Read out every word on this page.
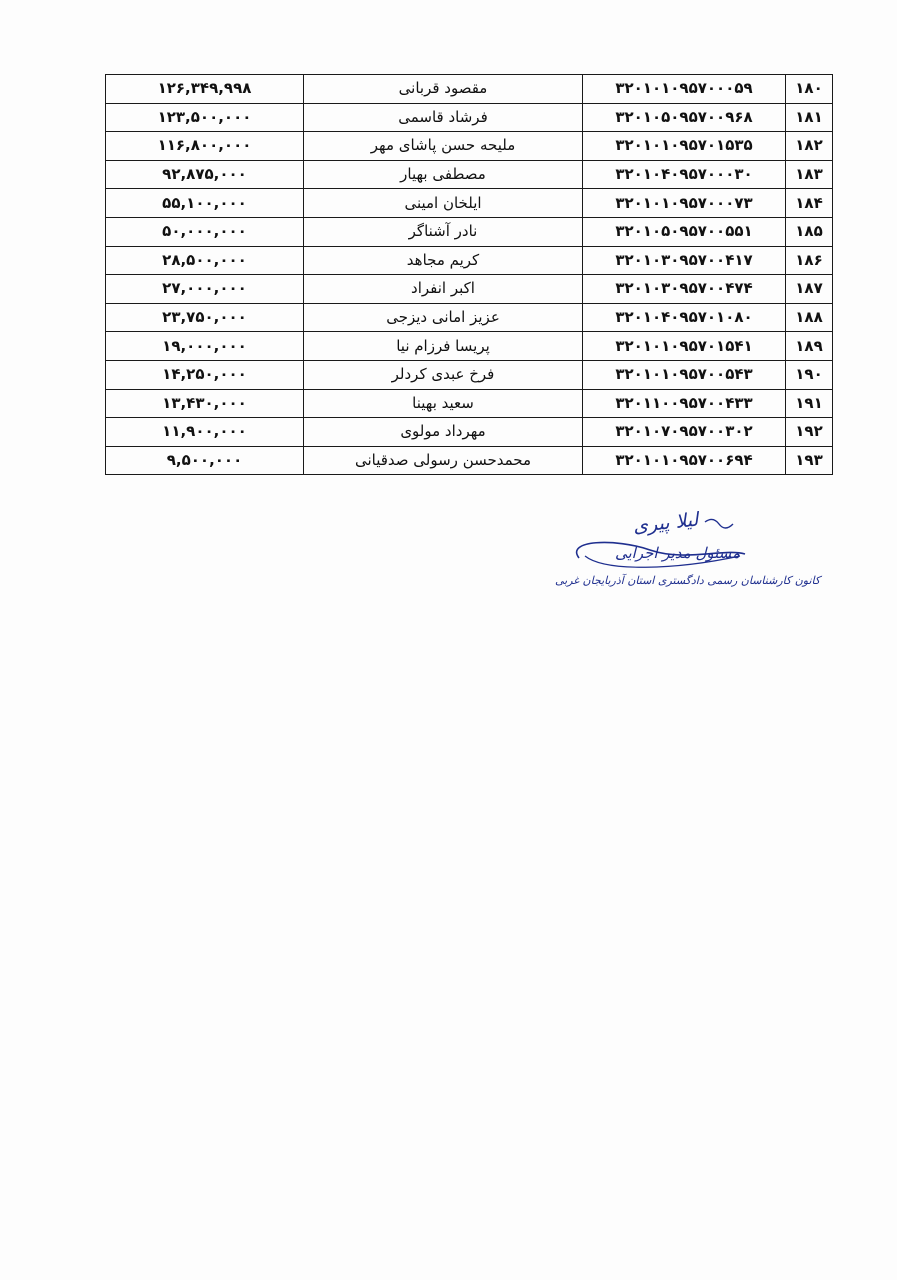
۱۸۰	۳۲۰۱۰۱۰۹۵۷۰۰۰۵۹	مقصود قربانی	۱۲۶,۳۴۹,۹۹۸
۱۸۱	۳۲۰۱۰۵۰۹۵۷۰۰۹۶۸	فرشاد قاسمی	۱۲۳,۵۰۰,۰۰۰
۱۸۲	۳۲۰۱۰۱۰۹۵۷۰۱۵۳۵	ملیحه حسن پاشای مهر	۱۱۶,۸۰۰,۰۰۰
۱۸۳	۳۲۰۱۰۴۰۹۵۷۰۰۰۳۰	مصطفی بهیار	۹۲,۸۷۵,۰۰۰
۱۸۴	۳۲۰۱۰۱۰۹۵۷۰۰۰۷۳	ایلخان امینی	۵۵,۱۰۰,۰۰۰
۱۸۵	۳۲۰۱۰۵۰۹۵۷۰۰۵۵۱	نادر آشناگر	۵۰,۰۰۰,۰۰۰
۱۸۶	۳۲۰۱۰۳۰۹۵۷۰۰۴۱۷	کریم مجاهد	۲۸,۵۰۰,۰۰۰
۱۸۷	۳۲۰۱۰۳۰۹۵۷۰۰۴۷۴	اکبر انفراد	۲۷,۰۰۰,۰۰۰
۱۸۸	۳۲۰۱۰۴۰۹۵۷۰۱۰۸۰	عزیز امانی دیزجی	۲۳,۷۵۰,۰۰۰
۱۸۹	۳۲۰۱۰۱۰۹۵۷۰۱۵۴۱	پریسا فرزام نیا	۱۹,۰۰۰,۰۰۰
۱۹۰	۳۲۰۱۰۱۰۹۵۷۰۰۵۴۳	فرخ عبدی کردلر	۱۴,۲۵۰,۰۰۰
۱۹۱	۳۲۰۱۱۰۰۹۵۷۰۰۴۳۳	سعید بهینا	۱۳,۴۳۰,۰۰۰
۱۹۲	۳۲۰۱۰۷۰۹۵۷۰۰۳۰۲	مهرداد مولوی	۱۱,۹۰۰,۰۰۰
۱۹۳	۳۲۰۱۰۱۰۹۵۷۰۰۶۹۴	محمدحسن رسولی صدقیانی	۹,۵۰۰,۰۰۰
لیلا پیری
مسئول مدیر اجرایی
کانون کارشناسان رسمی دادگستری استان آذربایجان غربی
